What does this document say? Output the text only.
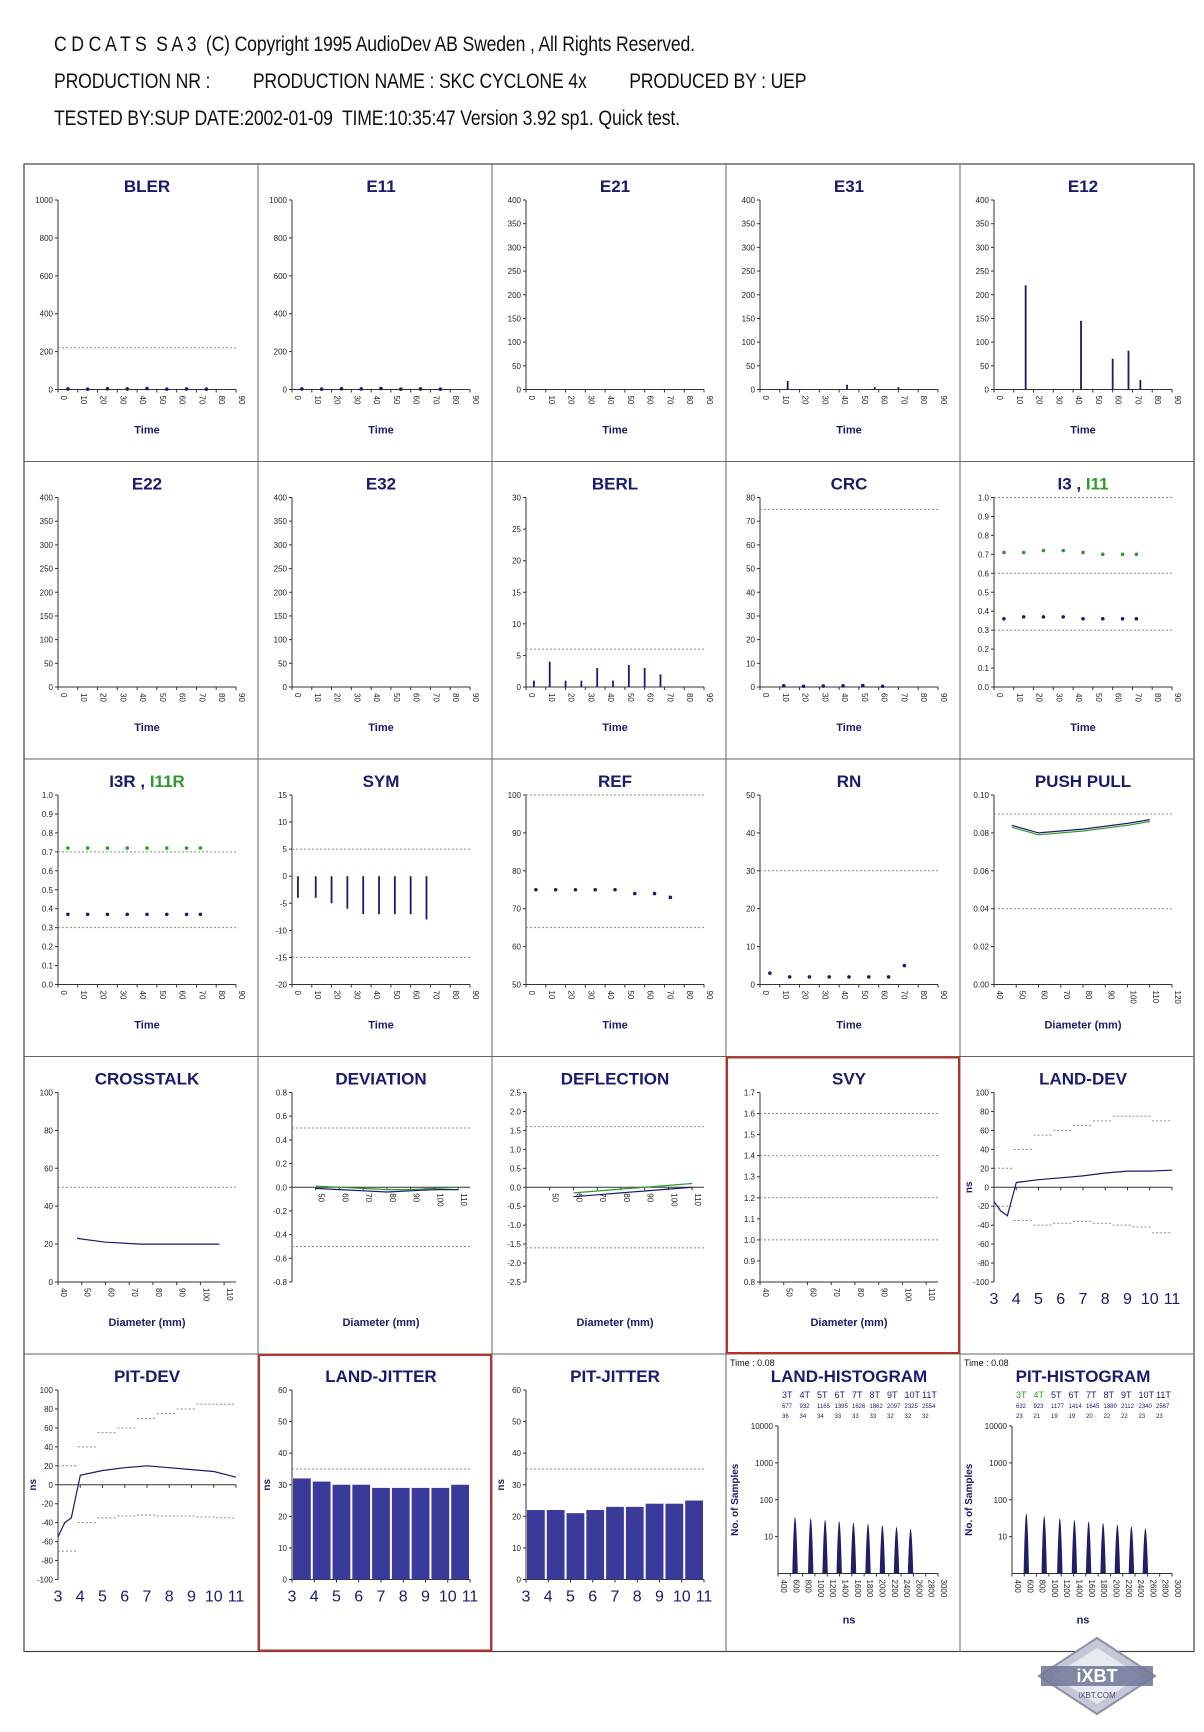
C D C A T S  S A 3  (C) Copyright 1995 AudioDev AB Sweden , All Rights Reserved.
PRODUCTION NR :         PRODUCTION NAME : SKC CYCLONE 4x         PRODUCED BY : UEP
TESTED BY:SUP DATE:2002-01-09  TIME:10:35:47 Version 3.92 sp1. Quick test.
BLER
0
200
400
600
800
1000
0 10 20 30 40 50 60 70 80 90
Time
E11
0
200
400
600
800
1000
0 10 20 30 40 50 60 70 80 90
Time
E21
0
50
100
150
200
250
300
350
400
0 10 20 30 40 50 60 70 80 90
Time
E31
0
50
100
150
200
250
300
350
400
0 10 20 30 40 50 60 70 80 90
Time
E12
0
50
100
150
200
250
300
350
400
0 10 20 30 40 50 60 70 80 90
Time
E22
0
50
100
150
200
250
300
350
400
0 10 20 30 40 50 60 70 80 90
Time
E32
0
50
100
150
200
250
300
350
400
0 10 20 30 40 50 60 70 80 90
Time
BERL
0
5
10
15
20
25
30
0 10 20 30 40 50 60 70 80 90
Time
CRC
0
10
20
30
40
50
60
70
80
0 10 20 30 40 50 60 70 80 90
Time
I3 , I11
0.0
0.1
0.2
0.3
0.4
0.5
0.6
0.7
0.8
0.9
1.0
0 10 20 30 40 50 60 70 80 90
Time
I3R , I11R
0.0
0.1
0.2
0.3
0.4
0.5
0.6
0.7
0.8
0.9
1.0
0 10 20 30 40 50 60 70 80 90
Time
SYM
-20
-15
-10
-5
0
5
10
15
0 10 20 30 40 50 60 70 80 90
Time
REF
50
60
70
80
90
100
0 10 20 30 40 50 60 70 80 90
Time
RN
0
10
20
30
40
50
0 10 20 30 40 50 60 70 80 90
Time
PUSH PULL
0.00
0.02
0.04
0.06
0.08
0.10
40 50 60 70 80 90 100 110 120
Diameter (mm)
CROSSTALK
0
20
40
60
80
100
40 50 60 70 80 90 100 110
Diameter (mm)
DEVIATION
-0.8
-0.6
-0.4
-0.2
0.0
0.2
0.4
0.6
0.8
50 60 70 80 90 100 110
Diameter (mm)
DEFLECTION
-2.5
-2.0
-1.5
-1.0
-0.5
0.0
0.5
1.0
1.5
2.0
2.5
50 60 70 80 90 100 110
Diameter (mm)
SVY
0.8
0.9
1.0
1.1
1.2
1.3
1.4
1.5
1.6
1.7
40 50 60 70 80 90 100 110
Diameter (mm)
LAND-DEV
-100
-80
-60
-40
-20
0
20
40
60
80
100
3 4 5 6 7 8 9 10 11
ns
PIT-DEV
-100
-80
-60
-40
-20
0
20
40
60
80
100
3 4 5 6 7 8 9 10 11
ns
LAND-JITTER
0
10
20
30
40
50
60
3 4 5 6 7 8 9 10 11
ns
PIT-JITTER
0
10
20
30
40
50
60
3 4 5 6 7 8 9 10 11
ns
LAND-HISTOGRAM
Time : 0.08
3T
677
36
4T
932
34
5T
1165
34
6T
1395
33
7T
1626
33
8T
1862
33
9T
2097
32
10T
2325
32
11T
2554
32
10
100
1000
10000
400 600 800 1000 1200 1400 1600 1800 2000 2200 2400 2600 2800 3000
ns
No. of Samples
PIT-HISTOGRAM
Time : 0.08
3T
632
23
4T
923
21
5T
1177
19
6T
1414
19
7T
1645
20
8T
1880
22
9T
2112
22
10T
2340
23
11T
2567
23
10
100
1000
10000
400 600 800 1000 1200 1400 1600 1800 2000 2200 2400 2600 2800 3000
ns
No. of Samples
iXBT
iXBT.COM
